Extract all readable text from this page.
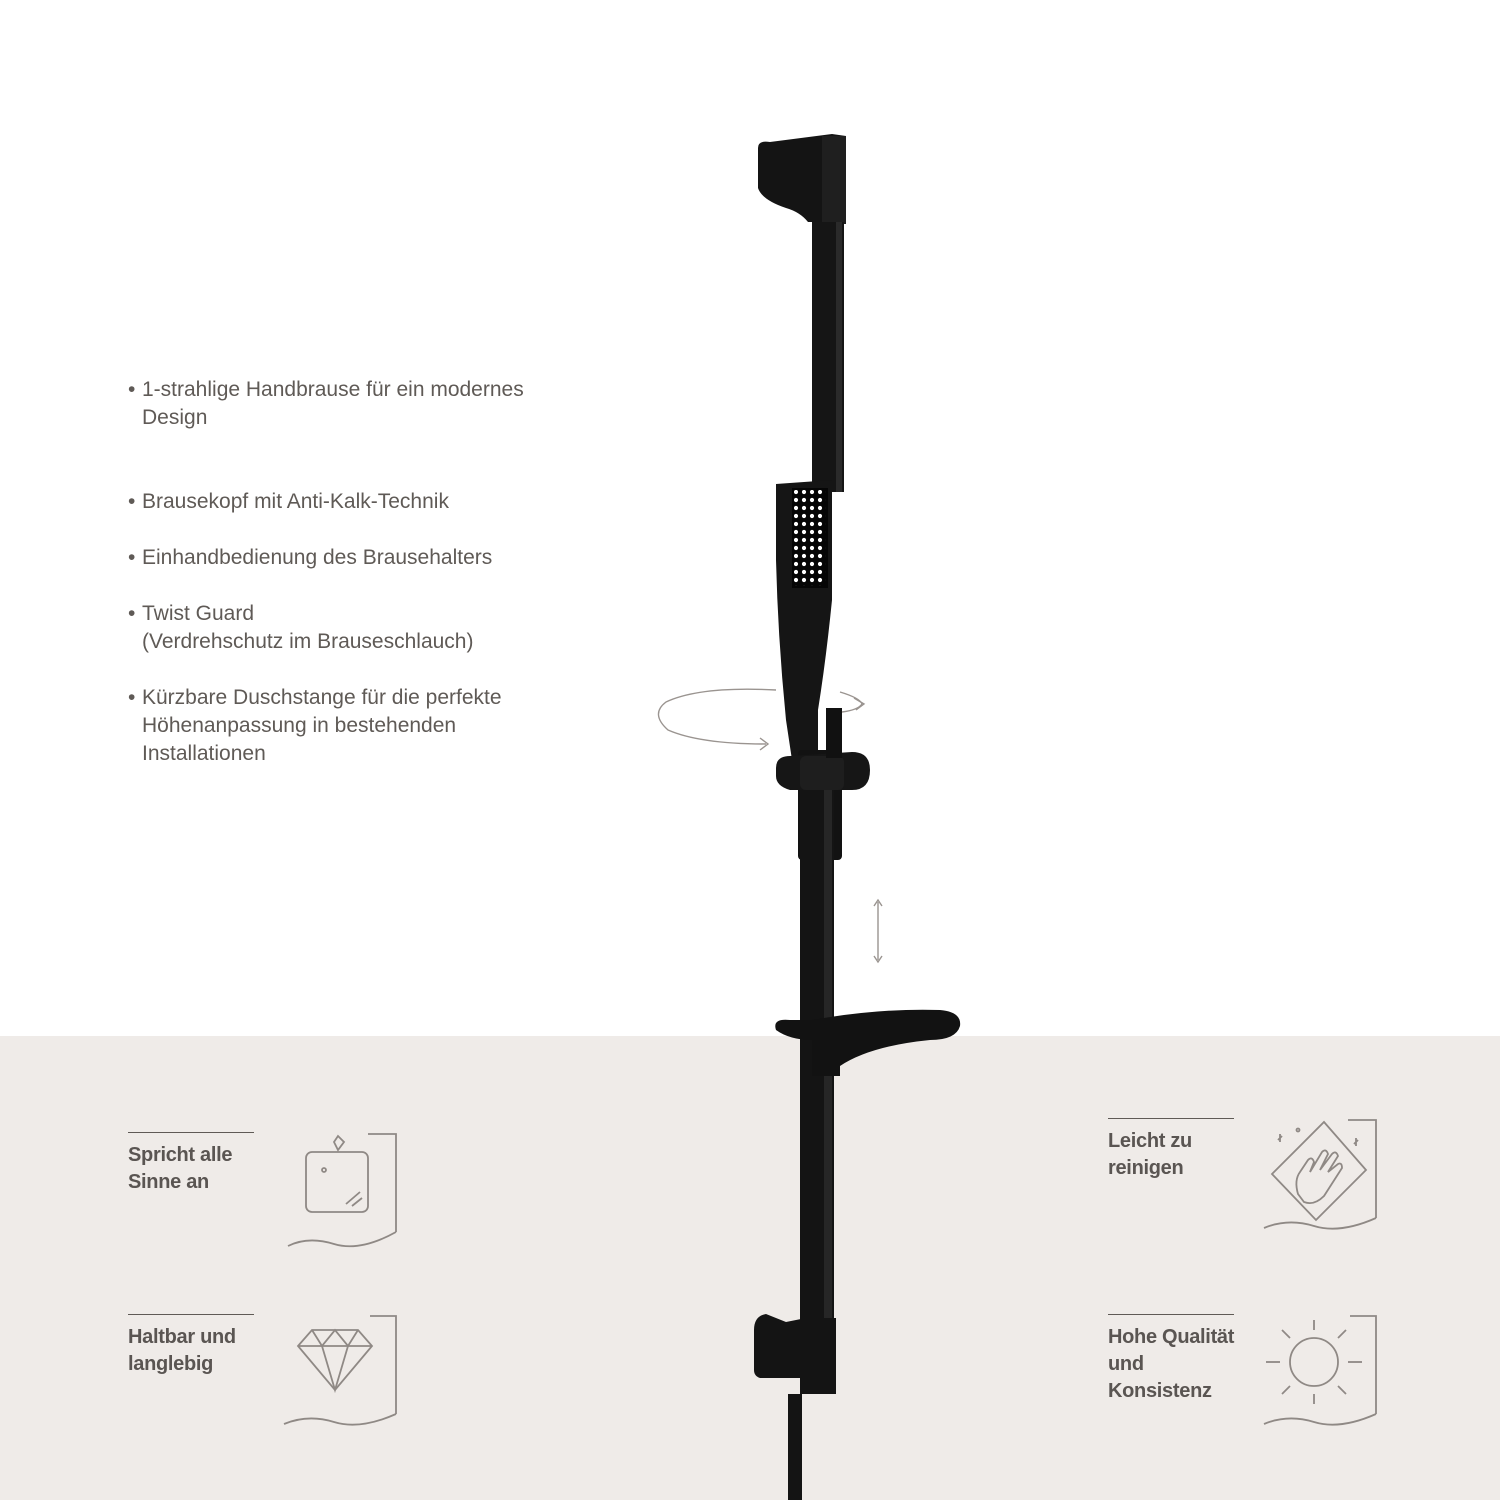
• 1-strahlige Handbrause für ein modernes
Design
• Brausekopf mit Anti-Kalk-Technik
• Einhandbedienung des Brausehalters
• Twist Guard
(Verdrehschutz im Brauseschlauch)
• Kürzbare Duschstange für die perfekte
Höhenanpassung in bestehenden
Installationen
Spricht alle
Sinne an
Leicht zu
reinigen
Haltbar und
langlebig
Hohe Qualität
und Konsistenz
